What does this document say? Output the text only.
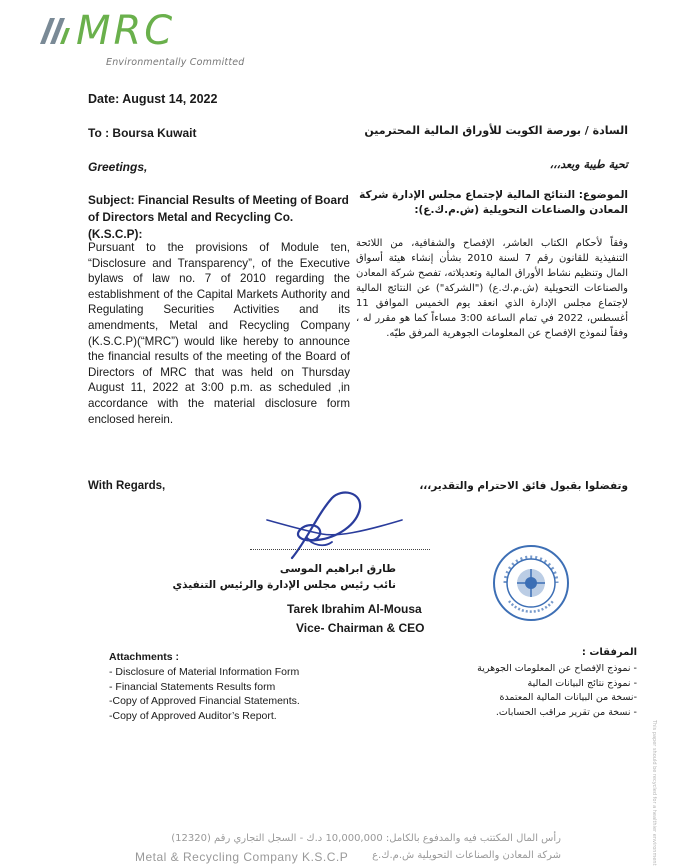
MRC
Environmentally Committed
Date: August 14, 2022
To : Boursa Kuwait	السادة / بورصة الكويت للأوراق المالية المحترمين
Greetings,	تحية طيبة وبعد،،،
Subject: Financial Results of Meeting of Board of Directors Metal and Recycling Co. (K.S.C.P):
الموضوع: النتائج المالية لإجتماع مجلس الإدارة شركة المعادن والصناعات التحويلية (ش.م.ك.ع):
Pursuant to the provisions of Module ten, “Disclosure and Transparency”, of the Executive bylaws of law no. 7 of 2010 regarding the establishment of the Capital Markets Authority and Regulating Securities Activities and its amendments, Metal and Recycling Company (K.S.C.P)(“MRC”) would like hereby to announce the financial results of the meeting of the Board of Directors of MRC that was held on Thursday August 11, 2022 at 3:00 p.m. as scheduled ,in accordance with the material disclosure form enclosed herein.
وفقاً لأحكام الكتاب العاشر، الإفصاح والشفافية، من اللائحة التنفيذية للقانون رقم 7 لسنة 2010 بشأن إنشاء هيئة أسواق المال وتنظيم نشاط الأوراق المالية وتعديلاته، تفصح شركة المعادن والصناعات التحويلية (ش.م.ك.ع) ("الشركة") عن النتائج المالية لإجتماع مجلس الإدارة الذي انعقد يوم الخميس الموافق 11 أغسطس، 2022 في تمام الساعة 3:00 مساءاً كما هو مقرر له ، وفقاً لنموذج الإفصاح عن المعلومات الجوهرية المرفق طيّه.
With Regards,	وتفضلوا بقبول فائق الاحترام والتقدير،،،
طارق ابراهيم الموسى
نائب رئيس مجلس الإدارة والرئيس التنفيذي
Tarek Ibrahim Al-Mousa
Vice- Chairman & CEO
Attachments :
- Disclosure of Material Information Form
- Financial Statements Results form
-Copy of Approved Financial Statements.
-Copy of Approved Auditor’s Report.
المرفقات :
- نموذج الإفصاح عن المعلومات الجوهرية
- نموذج نتائج البيانات المالية
-نسخة من البيانات المالية المعتمدة
- نسخة من تقرير مراقب الحسابات.
This paper should be recycled for a healthier environment
رأس المال المكتتب فيه والمدفوع بالكامل: 10,000,000 د.ك - السجل التجاري رقم (12320)
Metal & Recycling Company K.S.C.P شركة المعادن والصناعات التحويلية ش.م.ك.ع
